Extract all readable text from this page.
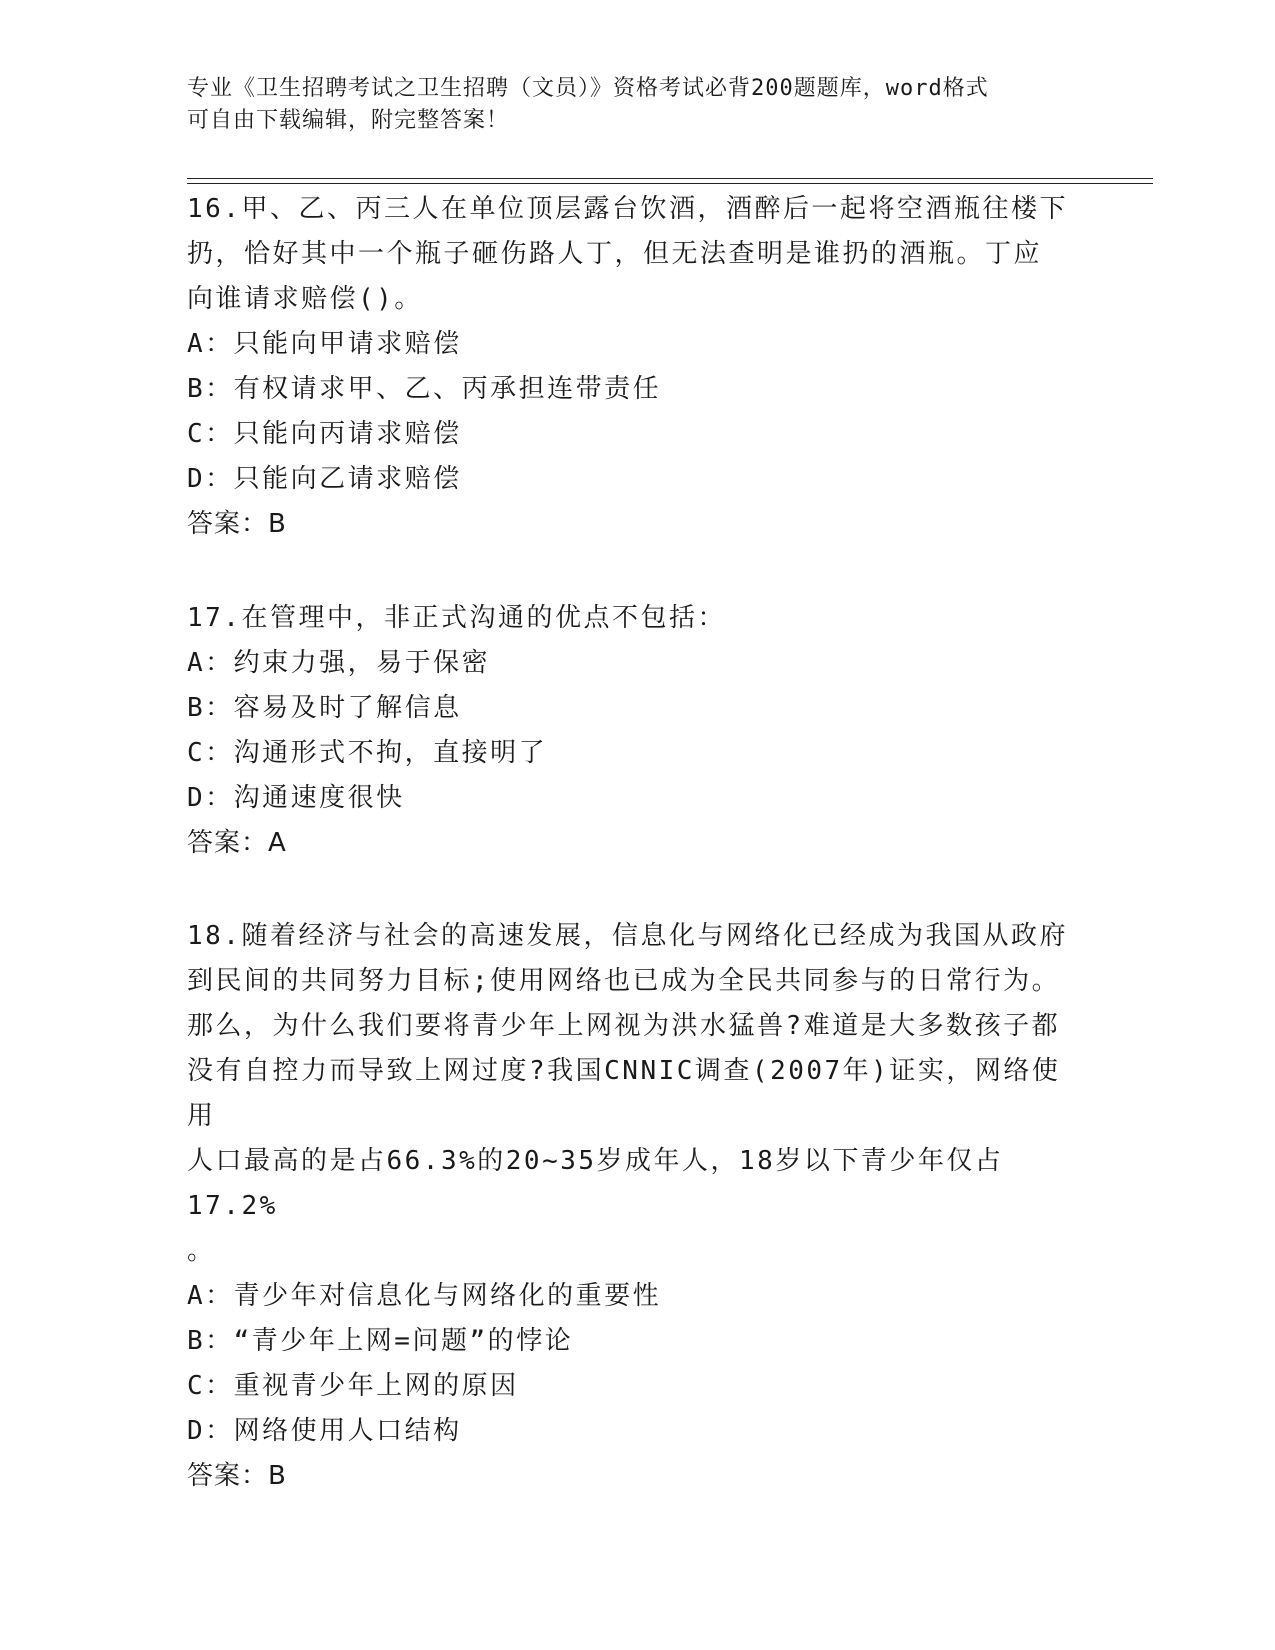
专业《卫生招聘考试之卫生招聘（文员）》资格考试必背200题题库，word格式
可自由下载编辑，附完整答案！

16.甲、乙、丙三人在单位顶层露台饮酒，酒醉后一起将空酒瓶往楼下

扔，恰好其中一个瓶子砸伤路人丁，但无法查明是谁扔的酒瓶。丁应

向谁请求赔偿()。

A：只能向甲请求赔偿

B：有权请求甲、乙、丙承担连带责任

C：只能向丙请求赔偿

D：只能向乙请求赔偿

答案：B

17.在管理中，非正式沟通的优点不包括：

A：约束力强，易于保密

B：容易及时了解信息

C：沟通形式不拘，直接明了

D：沟通速度很快

答案：A

18.随着经济与社会的高速发展，信息化与网络化已经成为我国从政府

到民间的共同努力目标;使用网络也已成为全民共同参与的日常行为。

那么，为什么我们要将青少年上网视为洪水猛兽?难道是大多数孩子都

没有自控力而导致上网过度?我国CNNIC调查(2007年)证实，网络使用

人口最高的是占66.3%的20~35岁成年人，18岁以下青少年仅占17.2%

。

A：青少年对信息化与网络化的重要性

B：“青少年上网=问题”的悖论

C：重视青少年上网的原因

D：网络使用人口结构

答案：B
